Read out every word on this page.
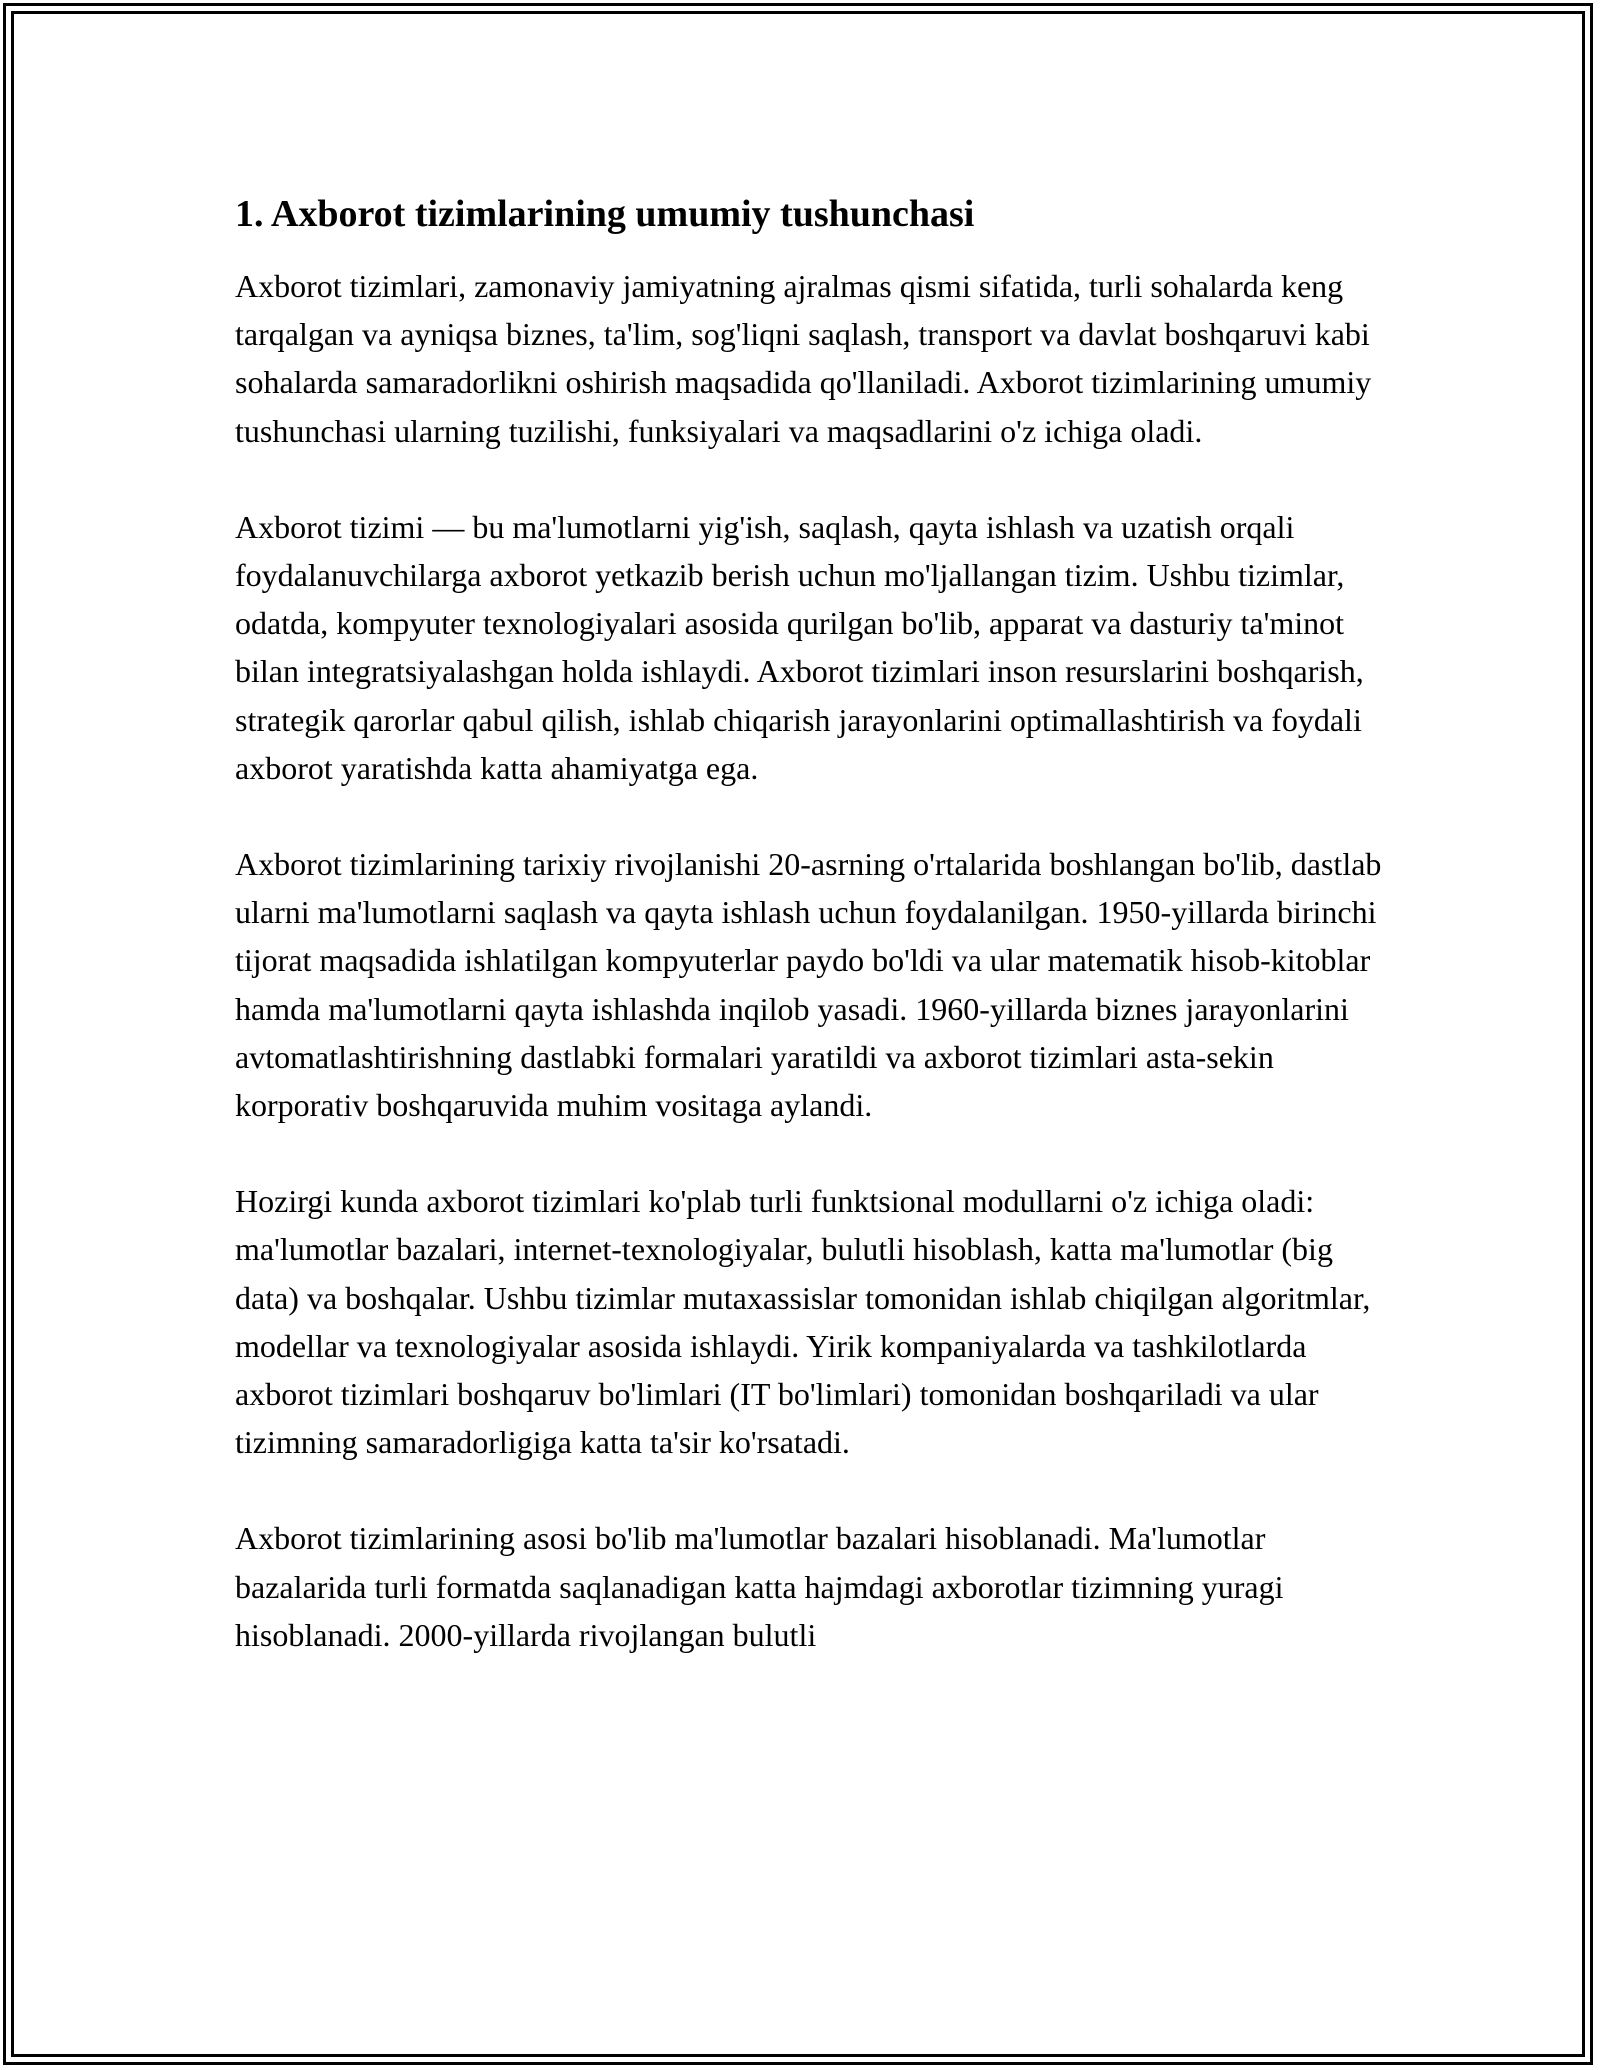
1. Axborot tizimlarining umumiy tushunchasi

Axborot tizimlari, zamonaviy jamiyatning ajralmas qismi sifatida, turli sohalarda keng tarqalgan va ayniqsa biznes, ta'lim, sog'liqni saqlash, transport va davlat boshqaruvi kabi sohalarda samaradorlikni oshirish maqsadida qo'llaniladi. Axborot tizimlarining umumiy tushunchasi ularning tuzilishi, funksiyalari va maqsadlarini o'z ichiga oladi.

Axborot tizimi — bu ma'lumotlarni yig'ish, saqlash, qayta ishlash va uzatish orqali foydalanuvchilarga axborot yetkazib berish uchun mo'ljallangan tizim. Ushbu tizimlar, odatda, kompyuter texnologiyalari asosida qurilgan bo'lib, apparat va dasturiy ta'minot bilan integratsiyalashgan holda ishlaydi. Axborot tizimlari inson resurslarini boshqarish, strategik qarorlar qabul qilish, ishlab chiqarish jarayonlarini optimallashtirish va foydali axborot yaratishda katta ahamiyatga ega.

Axborot tizimlarining tarixiy rivojlanishi 20-asrning o'rtalarida boshlangan bo'lib, dastlab ularni ma'lumotlarni saqlash va qayta ishlash uchun foydalanilgan. 1950-yillarda birinchi tijorat maqsadida ishlatilgan kompyuterlar paydo bo'ldi va ular matematik hisob-kitoblar hamda ma'lumotlarni qayta ishlashda inqilob yasadi. 1960-yillarda biznes jarayonlarini avtomatlashtirishning dastlabki formalari yaratildi va axborot tizimlari asta-sekin korporativ boshqaruvida muhim vositaga aylandi.

Hozirgi kunda axborot tizimlari ko'plab turli funktsional modullarni o'z ichiga oladi: ma'lumotlar bazalari, internet-texnologiyalar, bulutli hisoblash, katta ma'lumotlar (big data) va boshqalar. Ushbu tizimlar mutaxassislar tomonidan ishlab chiqilgan algoritmlar, modellar va texnologiyalar asosida ishlaydi. Yirik kompaniyalarda va tashkilotlarda axborot tizimlari boshqaruv bo'limlari (IT bo'limlari) tomonidan boshqariladi va ular tizimning samaradorligiga katta ta'sir ko'rsatadi.

Axborot tizimlarining asosi bo'lib ma'lumotlar bazalari hisoblanadi. Ma'lumotlar bazalarida turli formatda saqlanadigan katta hajmdagi axborotlar tizimning yuragi hisoblanadi. 2000-yillarda rivojlangan bulutli
